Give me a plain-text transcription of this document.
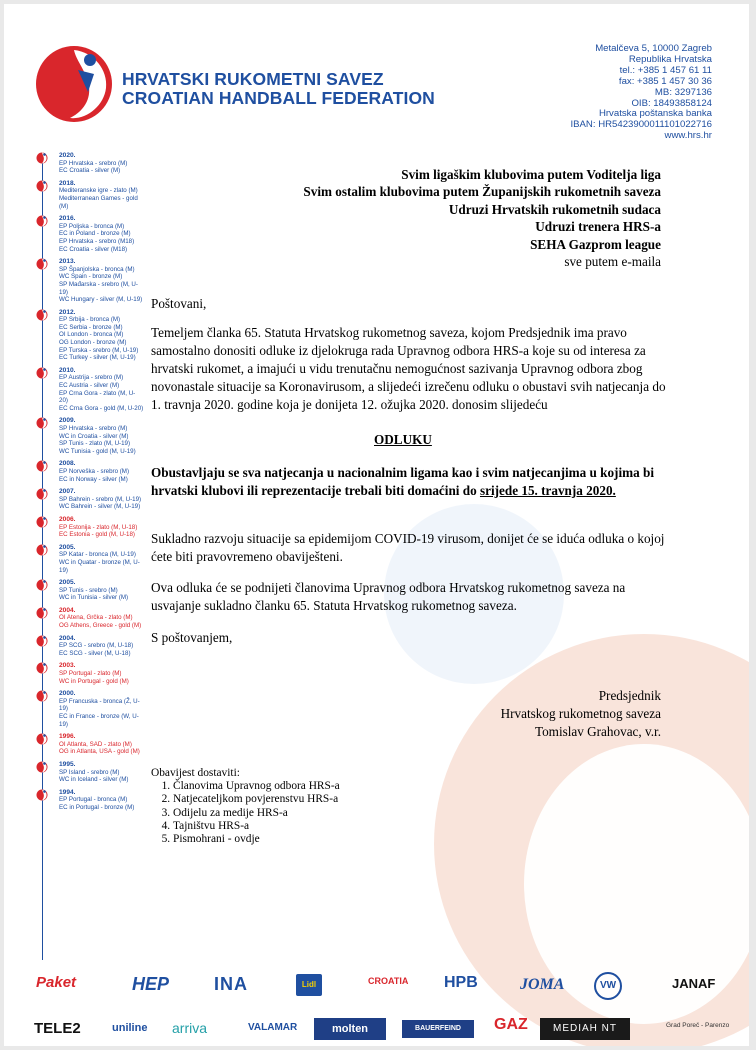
HRVATSKI RUKOMETNI SAVEZ
CROATIAN HANDBALL FEDERATION
Metalčeva 5, 10000 Zagreb
Republika Hrvatska
tel.: +385 1 457 61 11
fax: +385 1 457 30 36
MB: 3297136
OIB: 18493858124
Hrvatska poštanska banka
IBAN: HR5423900011101022716
www.hrs.hr
2020.
EP Hrvatska - srebro (M)
EC Croatia - silver (M)
2018.
Mediteranske igre - zlato (M)
Mediterranean Games - gold (M)
2016.
EP Poljska - bronca (M)
EC in Poland - bronze (M)
EP Hrvatska - srebro (M18)
EC Croatia - silver (M18)
2013.
SP Španjolska - bronca (M)
WC Spain - bronze (M)
SP Mađarska - srebro (M, U-19)
WC Hungary - silver (M, U-19)
2012.
EP Srbija - bronca (M)
EC Serbia - bronze (M)
OI London - bronca (M)
OG London - bronze (M)
EP Turska - srebro (M, U-19)
EC Turkey - silver (M, U-19)
2010.
EP Austrija - srebro (M)
EC Austria - silver (M)
EP Crna Gora - zlato (M, U-20)
EC Crna Gora - gold (M, U-20)
2009.
SP Hrvatska - srebro (M)
WC in Croatia - silver (M)
SP Tunis - zlato (M, U-19)
WC Tunisia - gold (M, U-19)
2008.
EP Norveška - srebro (M)
EC in Norway - silver (M)
2007.
SP Bahrein - srebro (M, U-19)
WC Bahrein - silver (M, U-19)
2006.
EP Estonija - zlato (M, U-18)
EC Estonia - gold (M, U-18)
2005.
SP Katar - bronca (M, U-19)
WC in Quatar - bronze (M, U-19)
2005.
SP Tunis - srebro (M)
WC in Tunisia - silver (M)
2004.
OI Atena, Grčka - zlato (M)
OG Athens, Greece - gold (M)
2004.
EP SCG - srebro (M, U-18)
EC SCG - silver (M, U-18)
2003.
SP Portugal - zlato (M)
WC in Portugal - gold (M)
2000.
EP Francuska - bronca (Ž, U-19)
EC in France - bronze (W, U-19)
1996.
OI Atlanta, SAD - zlato (M)
OG in Atlanta, USA - gold (M)
1995.
SP Island - srebro (M)
WC in Iceland - silver (M)
1994.
EP Portugal - bronca (M)
EC in Portugal - bronze (M)
Svim ligaškim klubovima putem Voditelja liga
Svim ostalim klubovima putem Županijskih rukometnih saveza
Udruzi Hrvatskih rukometnih sudaca
Udruzi trenera HRS-a
SEHA Gazprom league
sve putem e-maila
Poštovani,
Temeljem članka 65. Statuta Hrvatskog rukometnog saveza, kojom Predsjednik ima pravo samostalno donositi odluke iz djelokruga rada Upravnog odbora HRS-a koje su od interesa za hrvatski rukomet, a imajući u vidu trenutačnu nemogućnost sazivanja Upravnog odbora zbog novonastale situacije sa Koronavirusom, a slijedeći izrečenu odluku o obustavi svih natjecanja do 1. travnja 2020. godine koja je donijeta 12. ožujka 2020. donosim slijedeću
ODLUKU
Obustavljaju se sva natjecanja u nacionalnim ligama kao i svim natjecanjima u kojima bi hrvatski klubovi ili reprezentacije trebali biti domaćini do srijede 15. travnja 2020.
Sukladno razvoju situacije sa epidemijom COVID-19 virusom, donijet će se iduća odluka o kojoj ćete biti pravovremeno obaviješteni.
Ova odluka će se podnijeti članovima Upravnog odbora Hrvatskog rukometnog saveza na usvajanje sukladno članku 65. Statuta Hrvatskog rukometnog saveza.
S poštovanjem,
Predsjednik
Hrvatskog rukometnog saveza
Tomislav Grahovac, v.r.
Obavijest dostaviti:
1. Članovima Upravnog odbora HRS-a
2. Natjecateljkom povjerenstvu HRS-a
3. Odijelu za medije HRS-a
4. Tajništvu HRS-a
5. Pismohrani - ovdje
Paket	HEP INA	Lidl	CROATIA HPB	JOMA	VW	JANAF
TELE2	uniline arriva	VALAMAR	molten	BAUERFEIND	GAZ	MEDIAH NT	Grad Poreč - Parenzo
